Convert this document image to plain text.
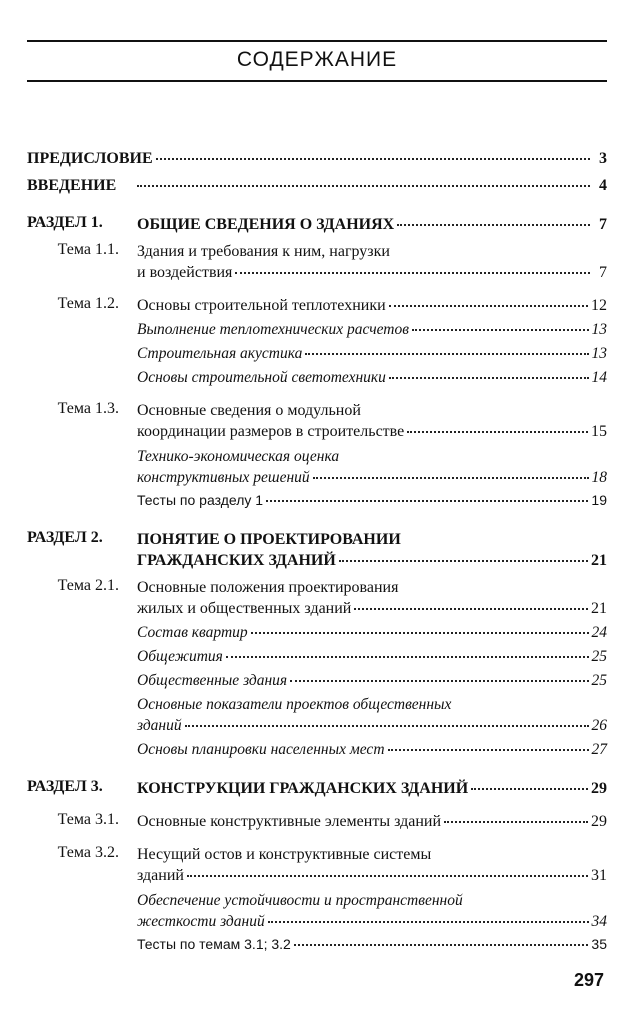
СОДЕРЖАНИЕ
ПРЕДИСЛОВИЕ	3
ВВЕДЕНИЕ	4
РАЗДЕЛ 1.	ОБЩИЕ СВЕДЕНИЯ О ЗДАНИЯХ	7
Тема 1.1.	Здания и требования к ним, нагрузки
и воздействия	7
Тема 1.2.	Основы строительной теплотехники	12
Выполнение теплотехнических расчетов	13
Строительная акустика	13
Основы строительной светотехники	14
Тема 1.3.	Основные сведения о модульной
координации размеров в строительстве	15
Технико-экономическая оценка
конструктивных решений	18
Тесты по разделу 1	19
РАЗДЕЛ 2.	ПОНЯТИЕ О ПРОЕКТИРОВАНИИ
ГРАЖДАНСКИХ ЗДАНИЙ	21
Тема 2.1.	Основные положения проектирования
жилых и общественных зданий	21
Состав квартир	24
Общежития	25
Общественные здания	25
Основные показатели проектов общественных
зданий	26
Основы планировки населенных мест	27
РАЗДЕЛ 3.	КОНСТРУКЦИИ ГРАЖДАНСКИХ ЗДАНИЙ	29
Тема 3.1.	Основные конструктивные элементы зданий	29
Тема 3.2.	Несущий остов и конструктивные системы
зданий	31
Обеспечение устойчивости и пространственной
жесткости зданий	34
Тесты по темам 3.1; 3.2	35
297
